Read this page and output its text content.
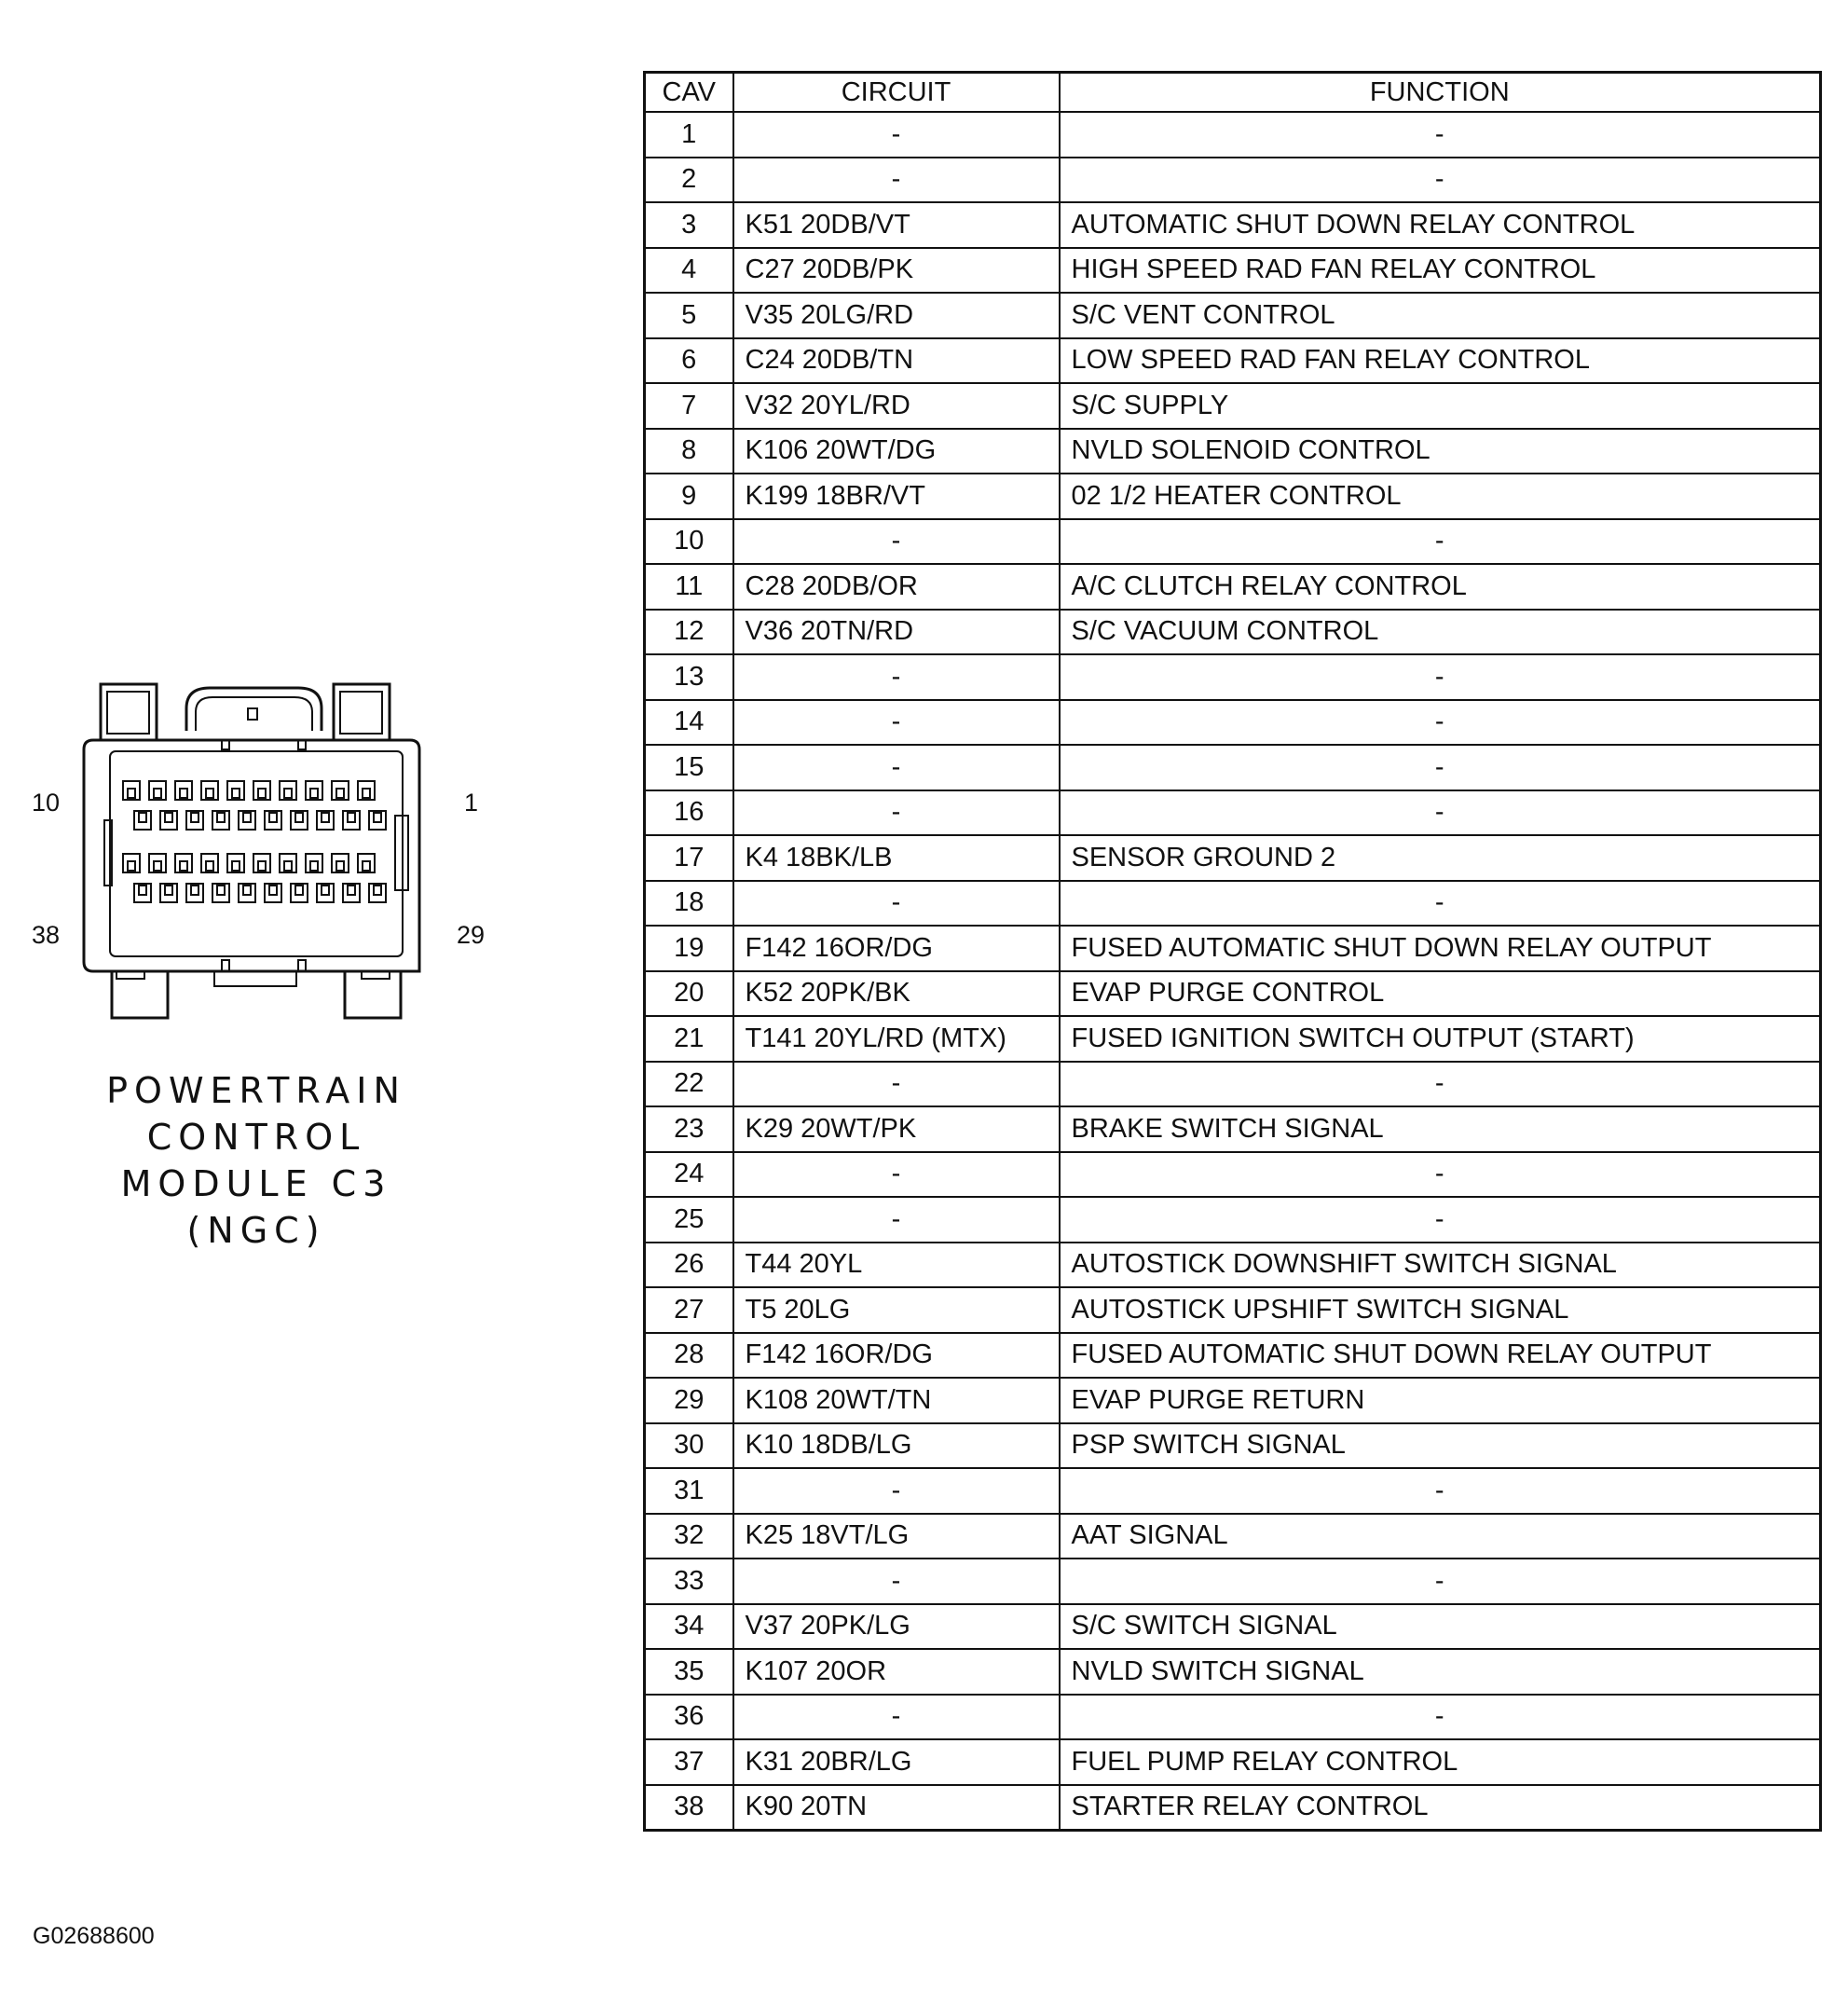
10	1
38	29
POWERTRAIN
CONTROL
MODULE C3
(NGC)
G02688600
CAV	CIRCUIT	FUNCTION
1	-	-
2	-	-
3	K51 20DB/VT	AUTOMATIC SHUT DOWN RELAY CONTROL
4	C27 20DB/PK	HIGH SPEED RAD FAN RELAY CONTROL
5	V35 20LG/RD	S/C VENT CONTROL
6	C24 20DB/TN	LOW SPEED RAD FAN RELAY CONTROL
7	V32 20YL/RD	S/C SUPPLY
8	K106 20WT/DG	NVLD SOLENOID CONTROL
9	K199 18BR/VT	02 1/2 HEATER CONTROL
10	-	-
11	C28 20DB/OR	A/C CLUTCH RELAY CONTROL
12	V36 20TN/RD	S/C VACUUM CONTROL
13	-	-
14	-	-
15	-	-
16	-	-
17	K4 18BK/LB	SENSOR GROUND 2
18	-	-
19	F142 16OR/DG	FUSED AUTOMATIC SHUT DOWN RELAY OUTPUT
20	K52 20PK/BK	EVAP PURGE CONTROL
21	T141 20YL/RD (MTX)	FUSED IGNITION SWITCH OUTPUT (START)
22	-	-
23	K29 20WT/PK	BRAKE SWITCH SIGNAL
24	-	-
25	-	-
26	T44 20YL	AUTOSTICK DOWNSHIFT SWITCH SIGNAL
27	T5 20LG	AUTOSTICK UPSHIFT SWITCH SIGNAL
28	F142 16OR/DG	FUSED AUTOMATIC SHUT DOWN RELAY OUTPUT
29	K108 20WT/TN	EVAP PURGE RETURN
30	K10 18DB/LG	PSP SWITCH SIGNAL
31	-	-
32	K25 18VT/LG	AAT SIGNAL
33	-	-
34	V37 20PK/LG	S/C SWITCH SIGNAL
35	K107 20OR	NVLD SWITCH SIGNAL
36	-	-
37	K31 20BR/LG	FUEL PUMP RELAY CONTROL
38	K90 20TN	STARTER RELAY CONTROL
